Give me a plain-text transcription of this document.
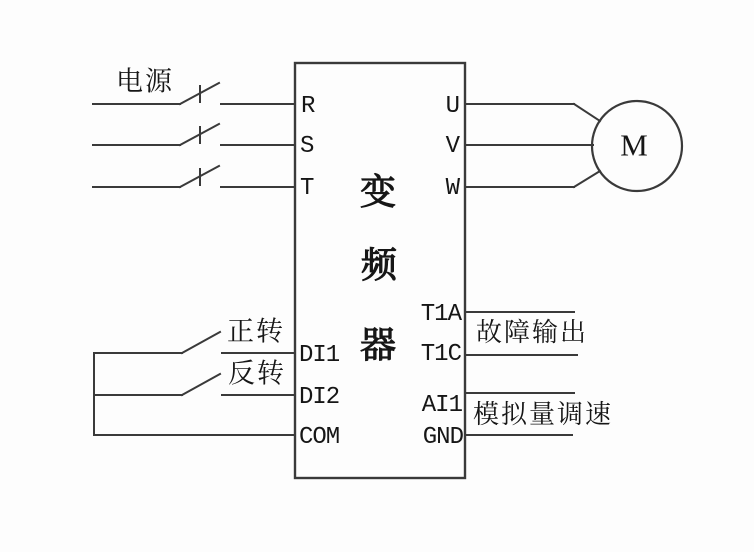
电源
正转
反转
故障输出
模拟量调速
变
频
器
R
S
T
DI1
DI2
COM
U
V
W
T1A
T1C
AI1
GND
M
